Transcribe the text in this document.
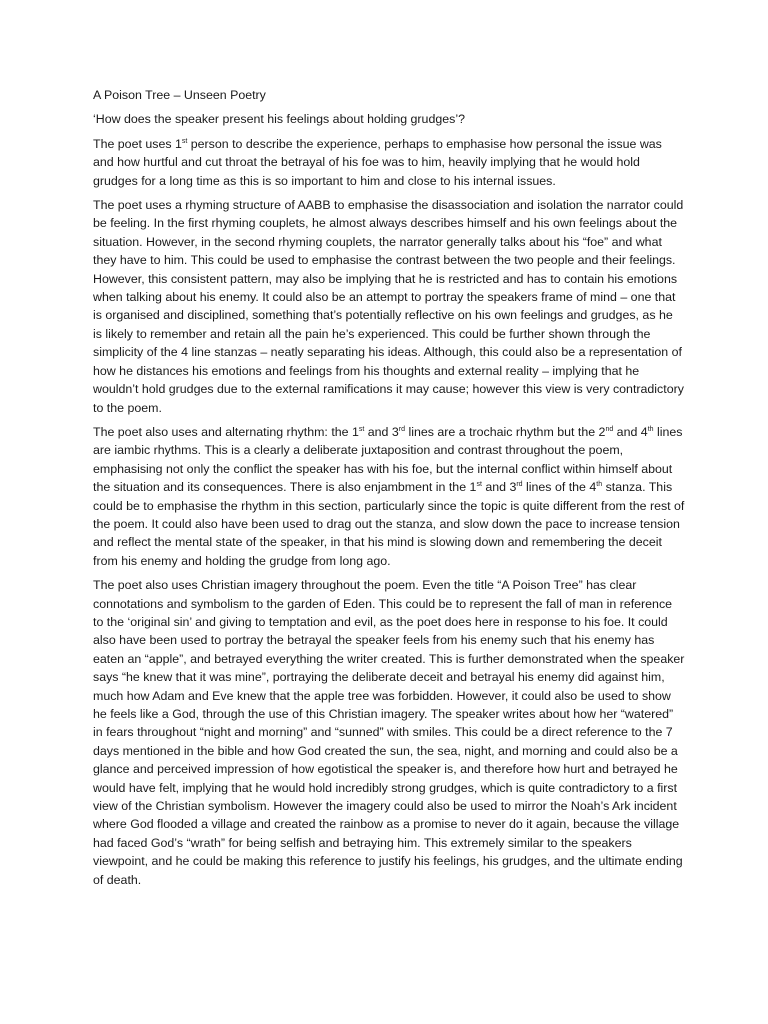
A Poison Tree – Unseen Poetry
‘How does the speaker present his feelings about holding grudges’?
The poet uses 1st person to describe the experience, perhaps to emphasise how personal the issue was and how hurtful and cut throat the betrayal of his foe was to him, heavily implying that he would hold grudges for a long time as this is so important to him and close to his internal issues.
The poet uses a rhyming structure of AABB to emphasise the disassociation and isolation the narrator could be feeling. In the first rhyming couplets, he almost always describes himself and his own feelings about the situation. However, in the second rhyming couplets, the narrator generally talks about his “foe” and what they have to him. This could be used to emphasise the contrast between the two people and their feelings. However, this consistent pattern, may also be implying that he is restricted and has to contain his emotions when talking about his enemy. It could also be an attempt to portray the speakers frame of mind – one that is organised and disciplined, something that’s potentially reflective on his own feelings and grudges, as he is likely to remember and retain all the pain he’s experienced. This could be further shown through the simplicity of the 4 line stanzas – neatly separating his ideas. Although, this could also be a representation of how he distances his emotions and feelings from his thoughts and external reality – implying that he wouldn’t hold grudges due to the external ramifications it may cause; however this view is very contradictory to the poem.
The poet also uses and alternating rhythm: the 1st and 3rd lines are a trochaic rhythm but the 2nd and 4th lines are iambic rhythms. This is a clearly a deliberate juxtaposition and contrast throughout the poem, emphasising not only the conflict the speaker has with his foe, but the internal conflict within himself about the situation and its consequences. There is also enjambment in the 1st and 3rd lines of the 4th stanza. This could be to emphasise the rhythm in this section, particularly since the topic is quite different from the rest of the poem. It could also have been used to drag out the stanza, and slow down the pace to increase tension and reflect the mental state of the speaker, in that his mind is slowing down and remembering the deceit from his enemy and holding the grudge from long ago.
The poet also uses Christian imagery throughout the poem. Even the title “A Poison Tree” has clear connotations and symbolism to the garden of Eden. This could be to represent the fall of man in reference to the ‘original sin’ and giving to temptation and evil, as the poet does here in response to his foe. It could also have been used to portray the betrayal the speaker feels from his enemy such that his enemy has eaten an “apple”, and betrayed everything the writer created. This is further demonstrated when the speaker says “he knew that it was mine”, portraying the deliberate deceit and betrayal his enemy did against him, much how Adam and Eve knew that the apple tree was forbidden. However, it could also be used to show he feels like a God, through the use of this Christian imagery. The speaker writes about how her “watered” in fears throughout “night and morning” and “sunned” with smiles. This could be a direct reference to the 7 days mentioned in the bible and how God created the sun, the sea, night, and morning and could also be a glance and perceived impression of how egotistical the speaker is, and therefore how hurt and betrayed he would have felt, implying that he would hold incredibly strong grudges, which is quite contradictory to a first view of the Christian symbolism. However the imagery could also be used to mirror the Noah’s Ark incident where God flooded a village and created the rainbow as a promise to never do it again, because the village had faced God’s “wrath” for being selfish and betraying him. This extremely similar to the speakers viewpoint, and he could be making this reference to justify his feelings, his grudges, and the ultimate ending of death.
